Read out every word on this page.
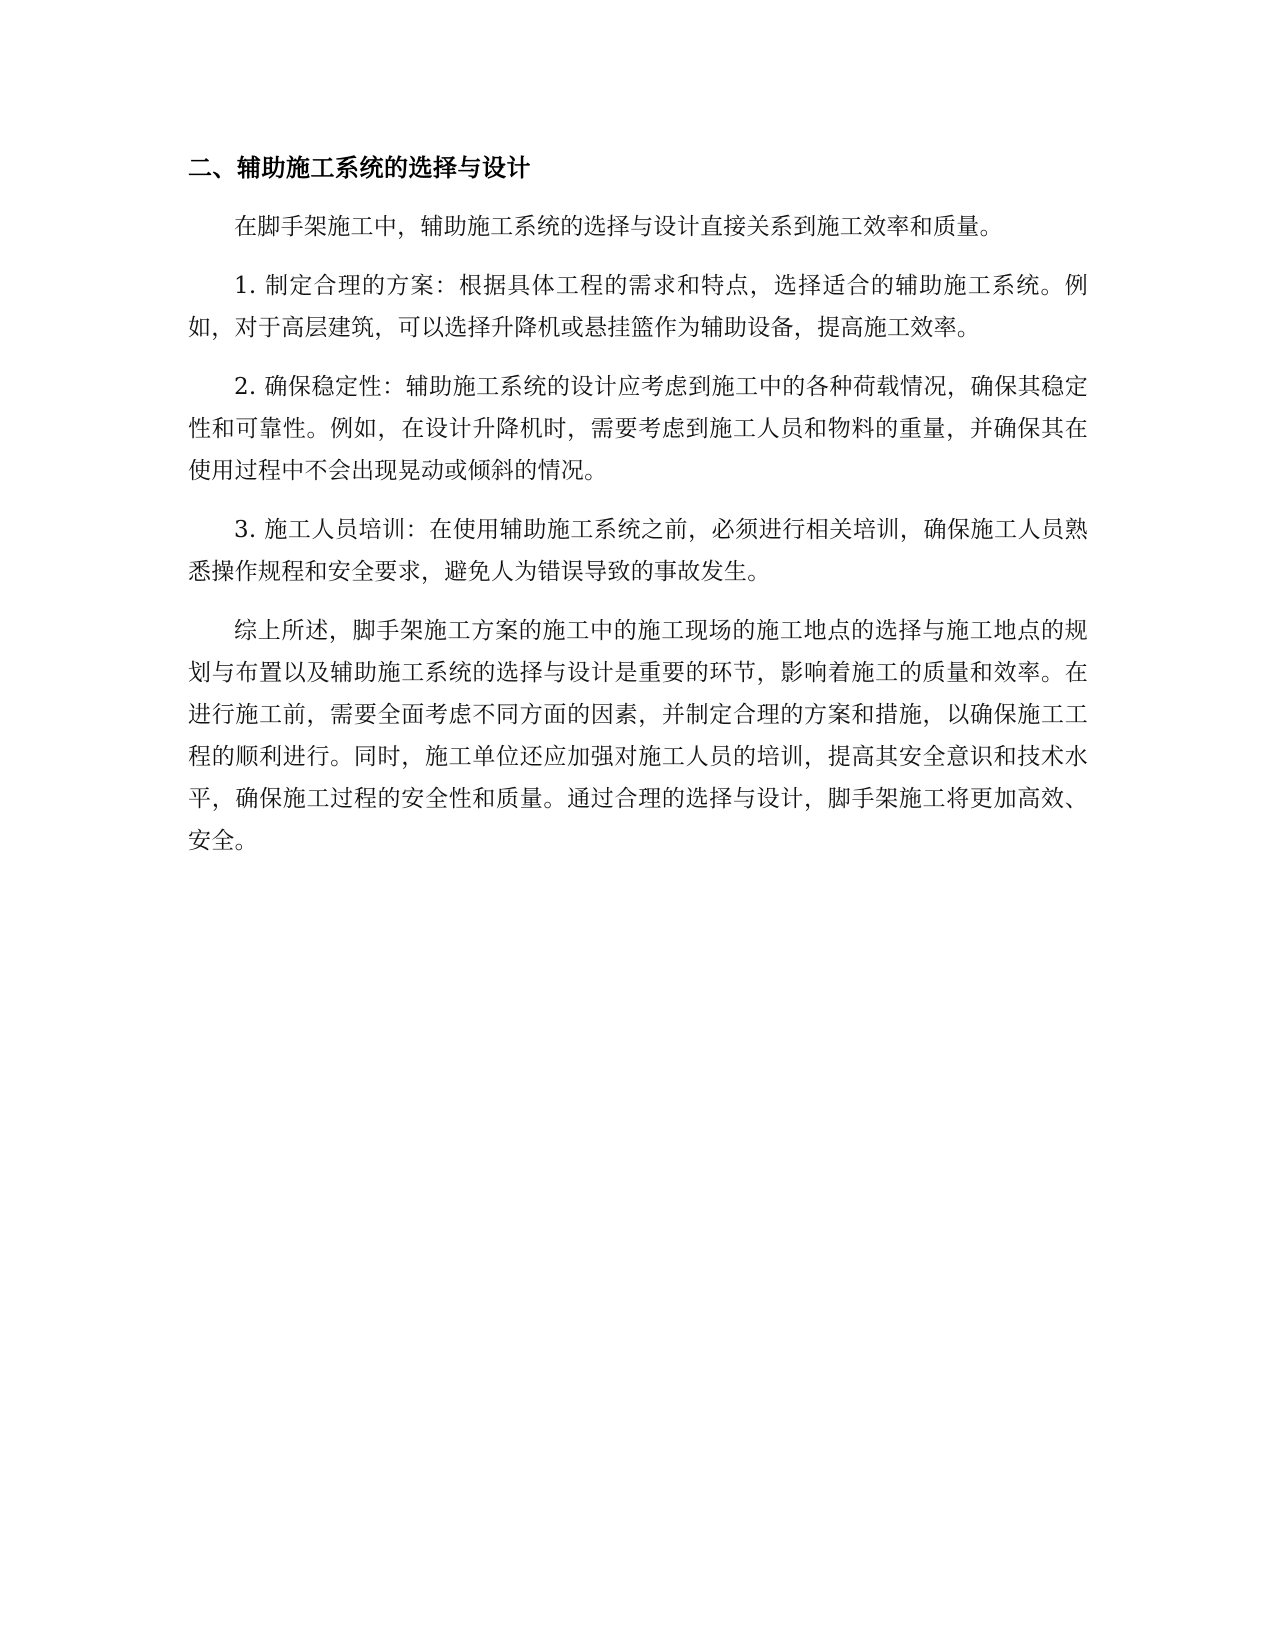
二、辅助施工系统的选择与设计

在脚手架施工中，辅助施工系统的选择与设计直接关系到施工效率和质量。

1. 制定合理的方案：根据具体工程的需求和特点，选择适合的辅助施工系统。例如，对于高层建筑，可以选择升降机或悬挂篮作为辅助设备，提高施工效率。

2. 确保稳定性：辅助施工系统的设计应考虑到施工中的各种荷载情况，确保其稳定性和可靠性。例如，在设计升降机时，需要考虑到施工人员和物料的重量，并确保其在使用过程中不会出现晃动或倾斜的情况。

3. 施工人员培训：在使用辅助施工系统之前，必须进行相关培训，确保施工人员熟悉操作规程和安全要求，避免人为错误导致的事故发生。

综上所述，脚手架施工方案的施工中的施工现场的施工地点的选择与施工地点的规划与布置以及辅助施工系统的选择与设计是重要的环节，影响着施工的质量和效率。在进行施工前，需要全面考虑不同方面的因素，并制定合理的方案和措施，以确保施工工程的顺利进行。同时，施工单位还应加强对施工人员的培训，提高其安全意识和技术水平，确保施工过程的安全性和质量。通过合理的选择与设计，脚手架施工将更加高效、安全。
